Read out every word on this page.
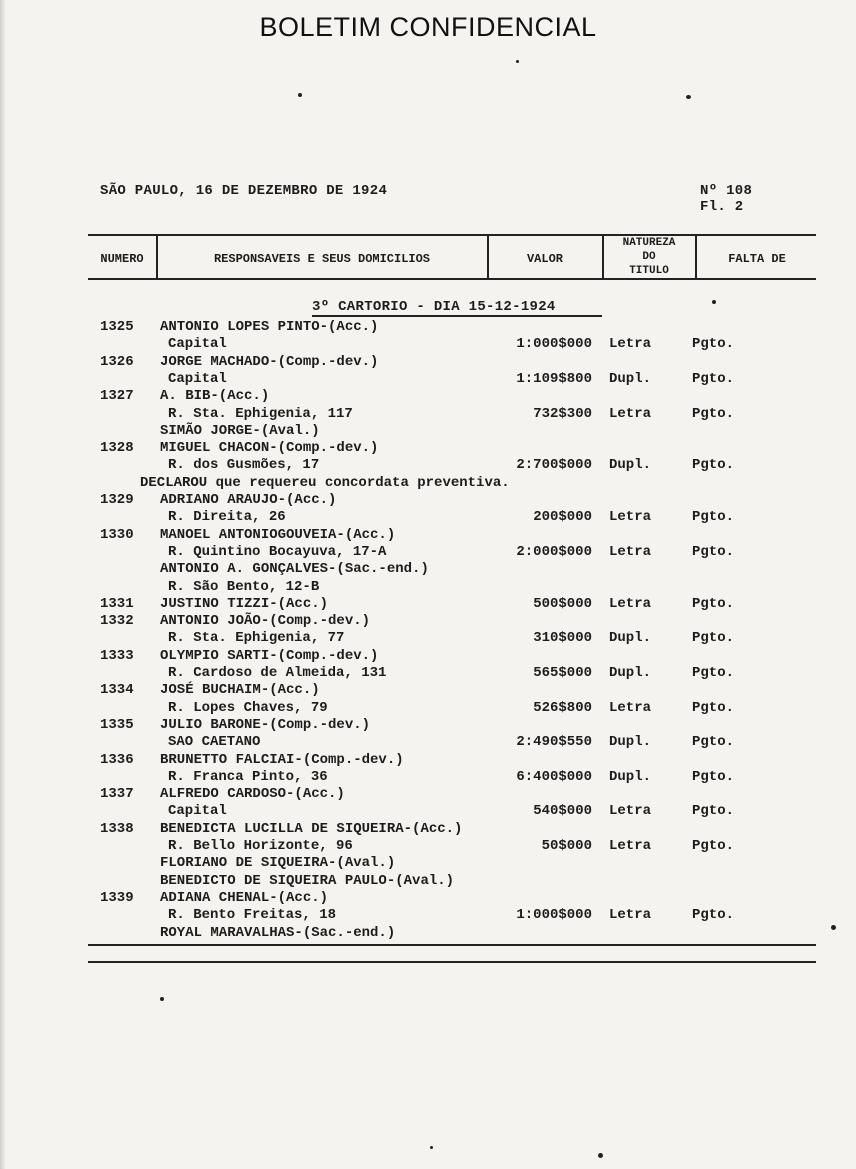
BOLETIM CONFIDENCIAL
SÃO PAULO, 16 DE DEZEMBRO DE 1924	Nº 108
Fl. 2
NUMERO	RESPONSAVEIS E SEUS DOMICILIOS	VALOR
NATUREZA
DO
TITULO
FALTA DE
3º CARTORIO - DIA 15-12-1924
1325 ANTONIO LOPES PINTO-(Acc.)
Capital	1:000$000 Letra	Pgto.
1326 JORGE MACHADO-(Comp.-dev.)
Capital	1:109$800 Dupl.	Pgto.
1327 A. BIB-(Acc.)
R. Sta. Ephigenia, 117	732$300 Letra	Pgto.
SIMÃO JORGE-(Aval.)
1328 MIGUEL CHACON-(Comp.-dev.)
R. dos Gusmões, 17	2:700$000 Dupl.	Pgto.
DECLAROU que requereu concordata preventiva.
1329 ADRIANO ARAUJO-(Acc.)
R. Direita, 26	200$000 Letra	Pgto.
1330 MANOEL ANTONIOGOUVEIA-(Acc.)
R. Quintino Bocayuva, 17-A	2:000$000 Letra	Pgto.
ANTONIO A. GONÇALVES-(Sac.-end.)
R. São Bento, 12-B
1331 JUSTINO TIZZI-(Acc.)	500$000 Letra	Pgto.
1332 ANTONIO JOÃO-(Comp.-dev.)
R. Sta. Ephigenia, 77	310$000 Dupl.	Pgto.
1333 OLYMPIO SARTI-(Comp.-dev.)
R. Cardoso de Almeida, 131	565$000 Dupl.	Pgto.
1334 JOSÉ BUCHAIM-(Acc.)
R. Lopes Chaves, 79	526$800 Letra	Pgto.
1335 JULIO BARONE-(Comp.-dev.)
SAO CAETANO	2:490$550 Dupl.	Pgto.
1336 BRUNETTO FALCIAI-(Comp.-dev.)
R. Franca Pinto, 36	6:400$000 Dupl.	Pgto.
1337 ALFREDO CARDOSO-(Acc.)
Capital	540$000 Letra	Pgto.
1338 BENEDICTA LUCILLA DE SIQUEIRA-(Acc.)
R. Bello Horizonte, 96	50$000 Letra	Pgto.
FLORIANO DE SIQUEIRA-(Aval.)
BENEDICTO DE SIQUEIRA PAULO-(Aval.)
1339 ADIANA CHENAL-(Acc.)
R. Bento Freitas, 18	1:000$000 Letra	Pgto.
ROYAL MARAVALHAS-(Sac.-end.)
